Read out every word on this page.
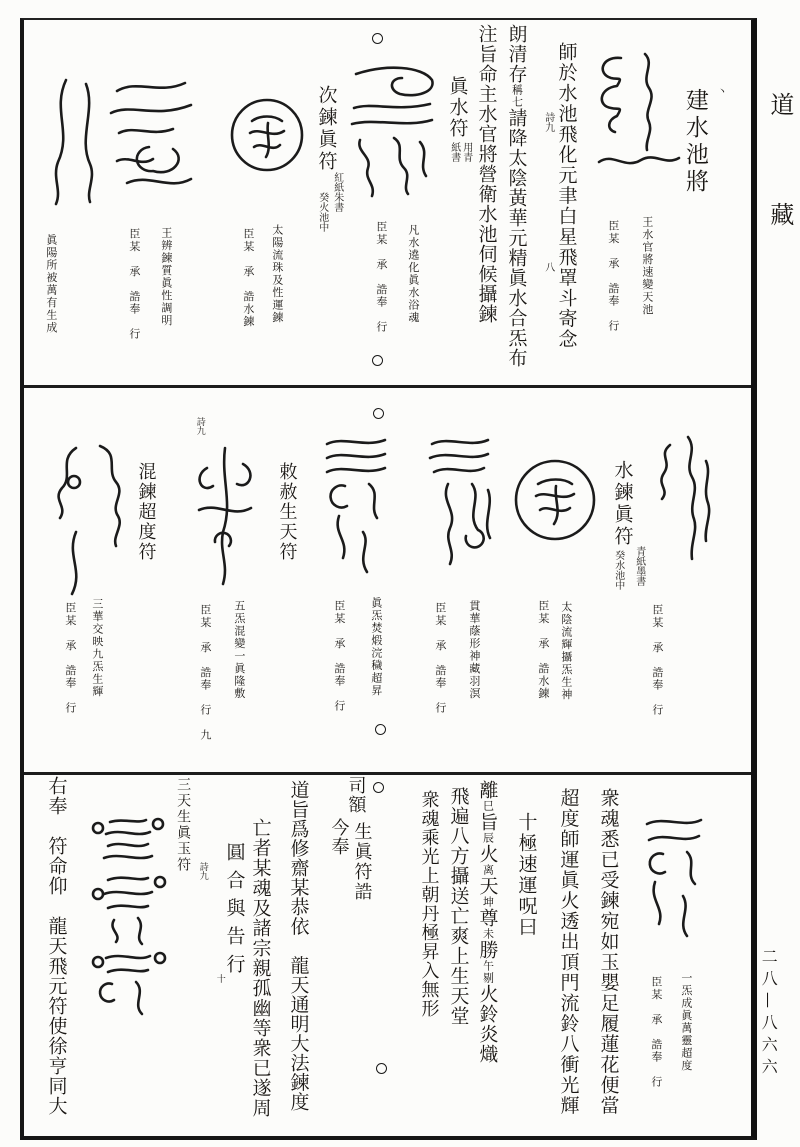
丶
建水池將
王水官將速變天池
臣某　承　誥奉　行
師於水池飛化元聿白星飛罩斗寄念
詩九
八
朗清存稱七請降太陰黃華元精眞水合炁布
注旨命主水官將營衛水池伺候攝鍊
眞水符
用青
紙書
凡水遶化眞水浴魂
臣某　承　誥奉　行
次鍊眞符
紅紙朱書
癸火池中
太陽流珠及性運鍊
臣某　承　誥水鍊
王辨鍊質眞性調明
臣某　承　誥奉　行
眞陽所被萬有生成
臣某　承　誥奉　行
水鍊眞符
青紙墨書
癸水池中
太陰流輝攝炁生神
臣某　承　誥水鍊
貫華蔭形神藏羽溟
臣某　承　誥奉　行
眞炁焚煅浣穢超昇
臣某　承　誥奉　行
敕赦生天符
詩九
五炁混變一眞隆敷
臣某　承　誥奉　行　九
混鍊超度符
三華交映九炁生輝
臣某　承　誥奉　行
一炁成眞萬靈超度
臣某　承　誥奉　行
衆魂悉已受鍊宛如玉嬰足履蓮花便當
超度師運眞火透出頂門流鈴八衝光輝
十極速運呪曰
離巳旨辰火离天坤尊未勝午剔火鈴炎熾
飛遍八方攝送亡爽上生天堂
衆魂乘光上朝丹極昇入無形
生眞符誥
司額
今奉
道旨爲修齋某恭依　龍天通明大法鍊度
亡者某魂及諸宗親孤幽等衆已遂周
圓合與告行
十
三天生眞玉符 詩九
右奉　符命仰　龍天飛元符使徐亨同大
道
藏
二八—八六六
